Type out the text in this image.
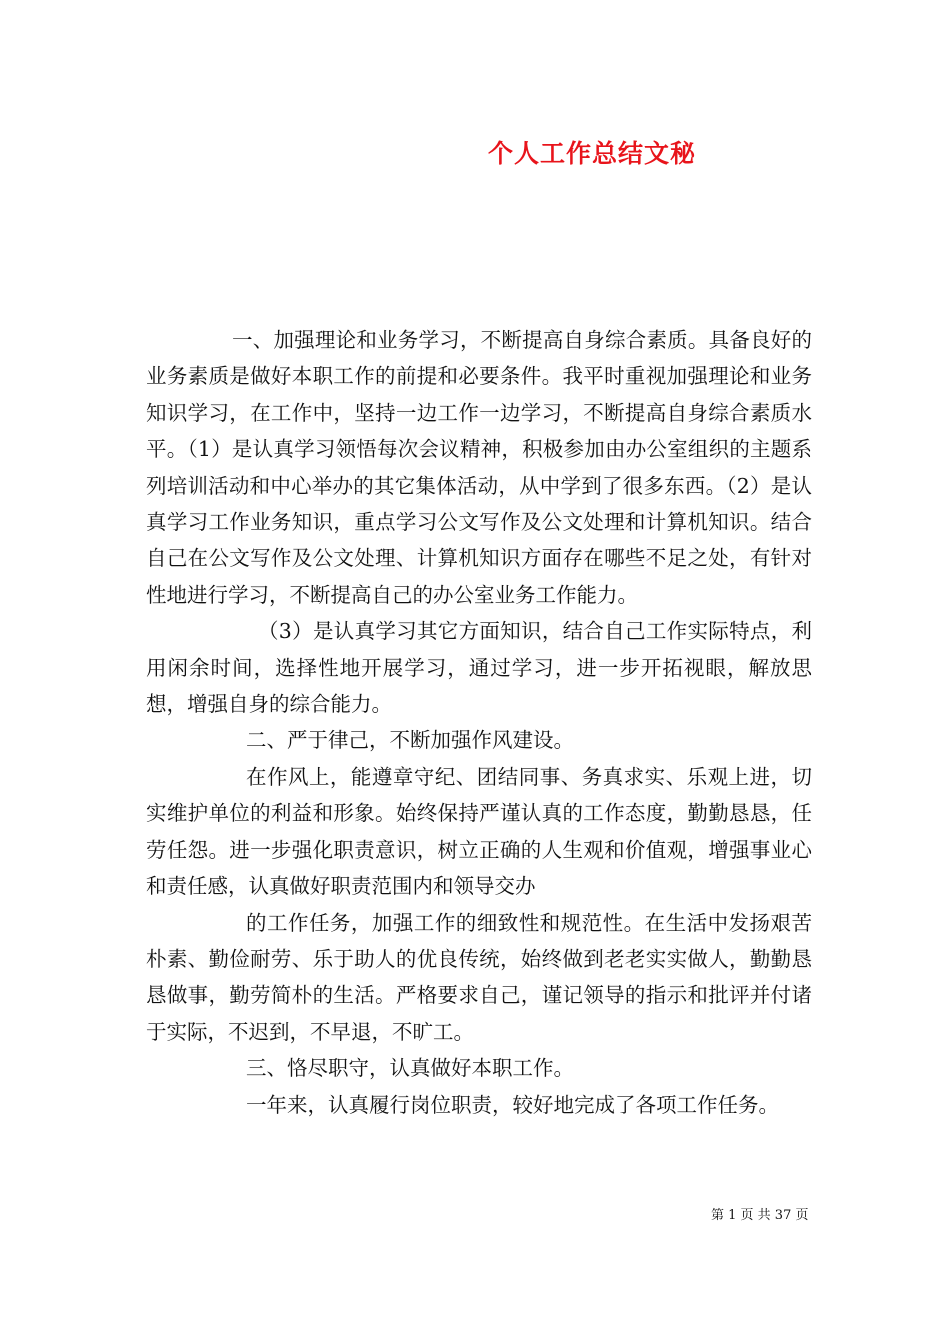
个人工作总结文秘

一、加强理论和业务学习，不断提高自身综合素质。具备良好的业务素质是做好本职工作的前提和必要条件。我平时重视加强理论和业务知识学习，在工作中，坚持一边工作一边学习，不断提高自身综合素质水平。（1）是认真学习领悟每次会议精神，积极参加由办公室组织的主题系列培训活动和中心举办的其它集体活动，从中学到了很多东西。（2）是认真学习工作业务知识，重点学习公文写作及公文处理和计算机知识。结合自己在公文写作及公文处理、计算机知识方面存在哪些不足之处，有针对性地进行学习，不断提高自己的办公室业务工作能力。

（3）是认真学习其它方面知识，结合自己工作实际特点，利用闲余时间，选择性地开展学习，通过学习，进一步开拓视眼，解放思想，增强自身的综合能力。

二、严于律己，不断加强作风建设。

在作风上，能遵章守纪、团结同事、务真求实、乐观上进，切实维护单位的利益和形象。始终保持严谨认真的工作态度，勤勤恳恳，任劳任怨。进一步强化职责意识，树立正确的人生观和价值观，增强事业心和责任感，认真做好职责范围内和领导交办

的工作任务，加强工作的细致性和规范性。在生活中发扬艰苦朴素、勤俭耐劳、乐于助人的优良传统，始终做到老老实实做人，勤勤恳恳做事，勤劳简朴的生活。严格要求自己，谨记领导的指示和批评并付诸于实际，不迟到，不早退，不旷工。

三、恪尽职守，认真做好本职工作。

一年来，认真履行岗位职责，较好地完成了各项工作任务。

第 1 页 共 37 页
